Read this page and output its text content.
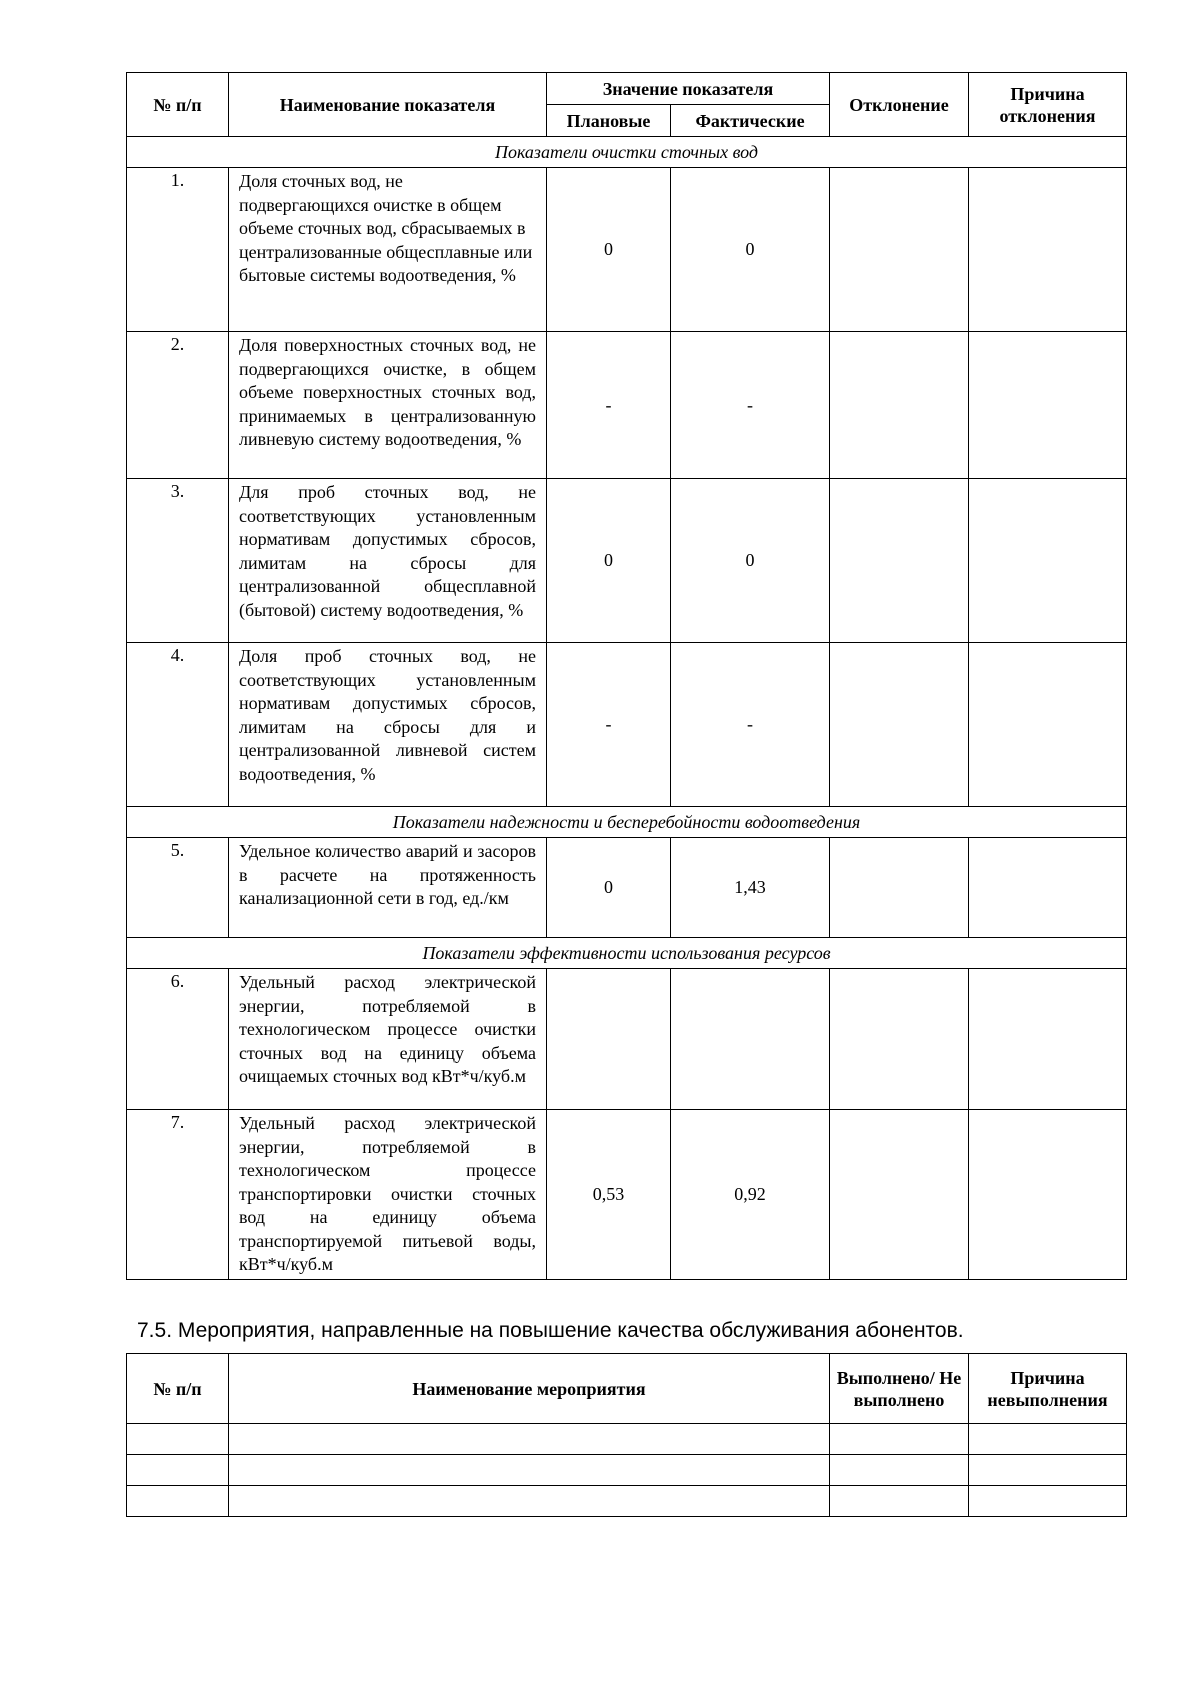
№ п/п	Наименование показателя	Значение показателя		Отклонение	Причина отклонения
		Плановые	Фактические		
Показатели очистки сточных вод					
1.	Доля сточных вод, не подвергающихся очистке в общем объеме сточных вод, сбрасываемых в централизованные общесплавные или бытовые системы водоотведения, %	0	0		
2.	Доля поверхностных сточных вод, не подвергающихся очистке, в общем объеме поверхностных сточных вод, принимаемых в централизованную ливневую систему водоотведения, %	-	-		
3.	Для проб сточных вод, не соответствующих установленным нормативам допустимых сбросов, лимитам на сбросы для централизованной общесплавной (бытовой) систему водоотведения, %	0	0		
4.	Доля проб сточных вод, не соответствующих установленным нормативам допустимых сбросов, лимитам на сбросы для и централизованной ливневой систем водоотведения, %	-	-		
Показатели надежности и бесперебойности водоотведения					
5.	Удельное количество аварий и засоров в расчете на протяженность канализационной сети в год, ед./км	0	1,43		
Показатели эффективности использования ресурсов					
6.	Удельный расход электрической энергии, потребляемой в технологическом процессе очистки сточных вод на единицу объема очищаемых сточных вод кВт*ч/куб.м				
7.	Удельный расход электрической энергии, потребляемой в технологическом процессе транспортировки очистки сточных вод на единицу объема транспортируемой питьевой воды, кВт*ч/куб.м	0,53	0,92		
7.5. Мероприятия, направленные на повышение качества обслуживания абонентов.
№ п/п	Наименование мероприятия	Выполнено/ Не выполнено	Причина невыполнения
